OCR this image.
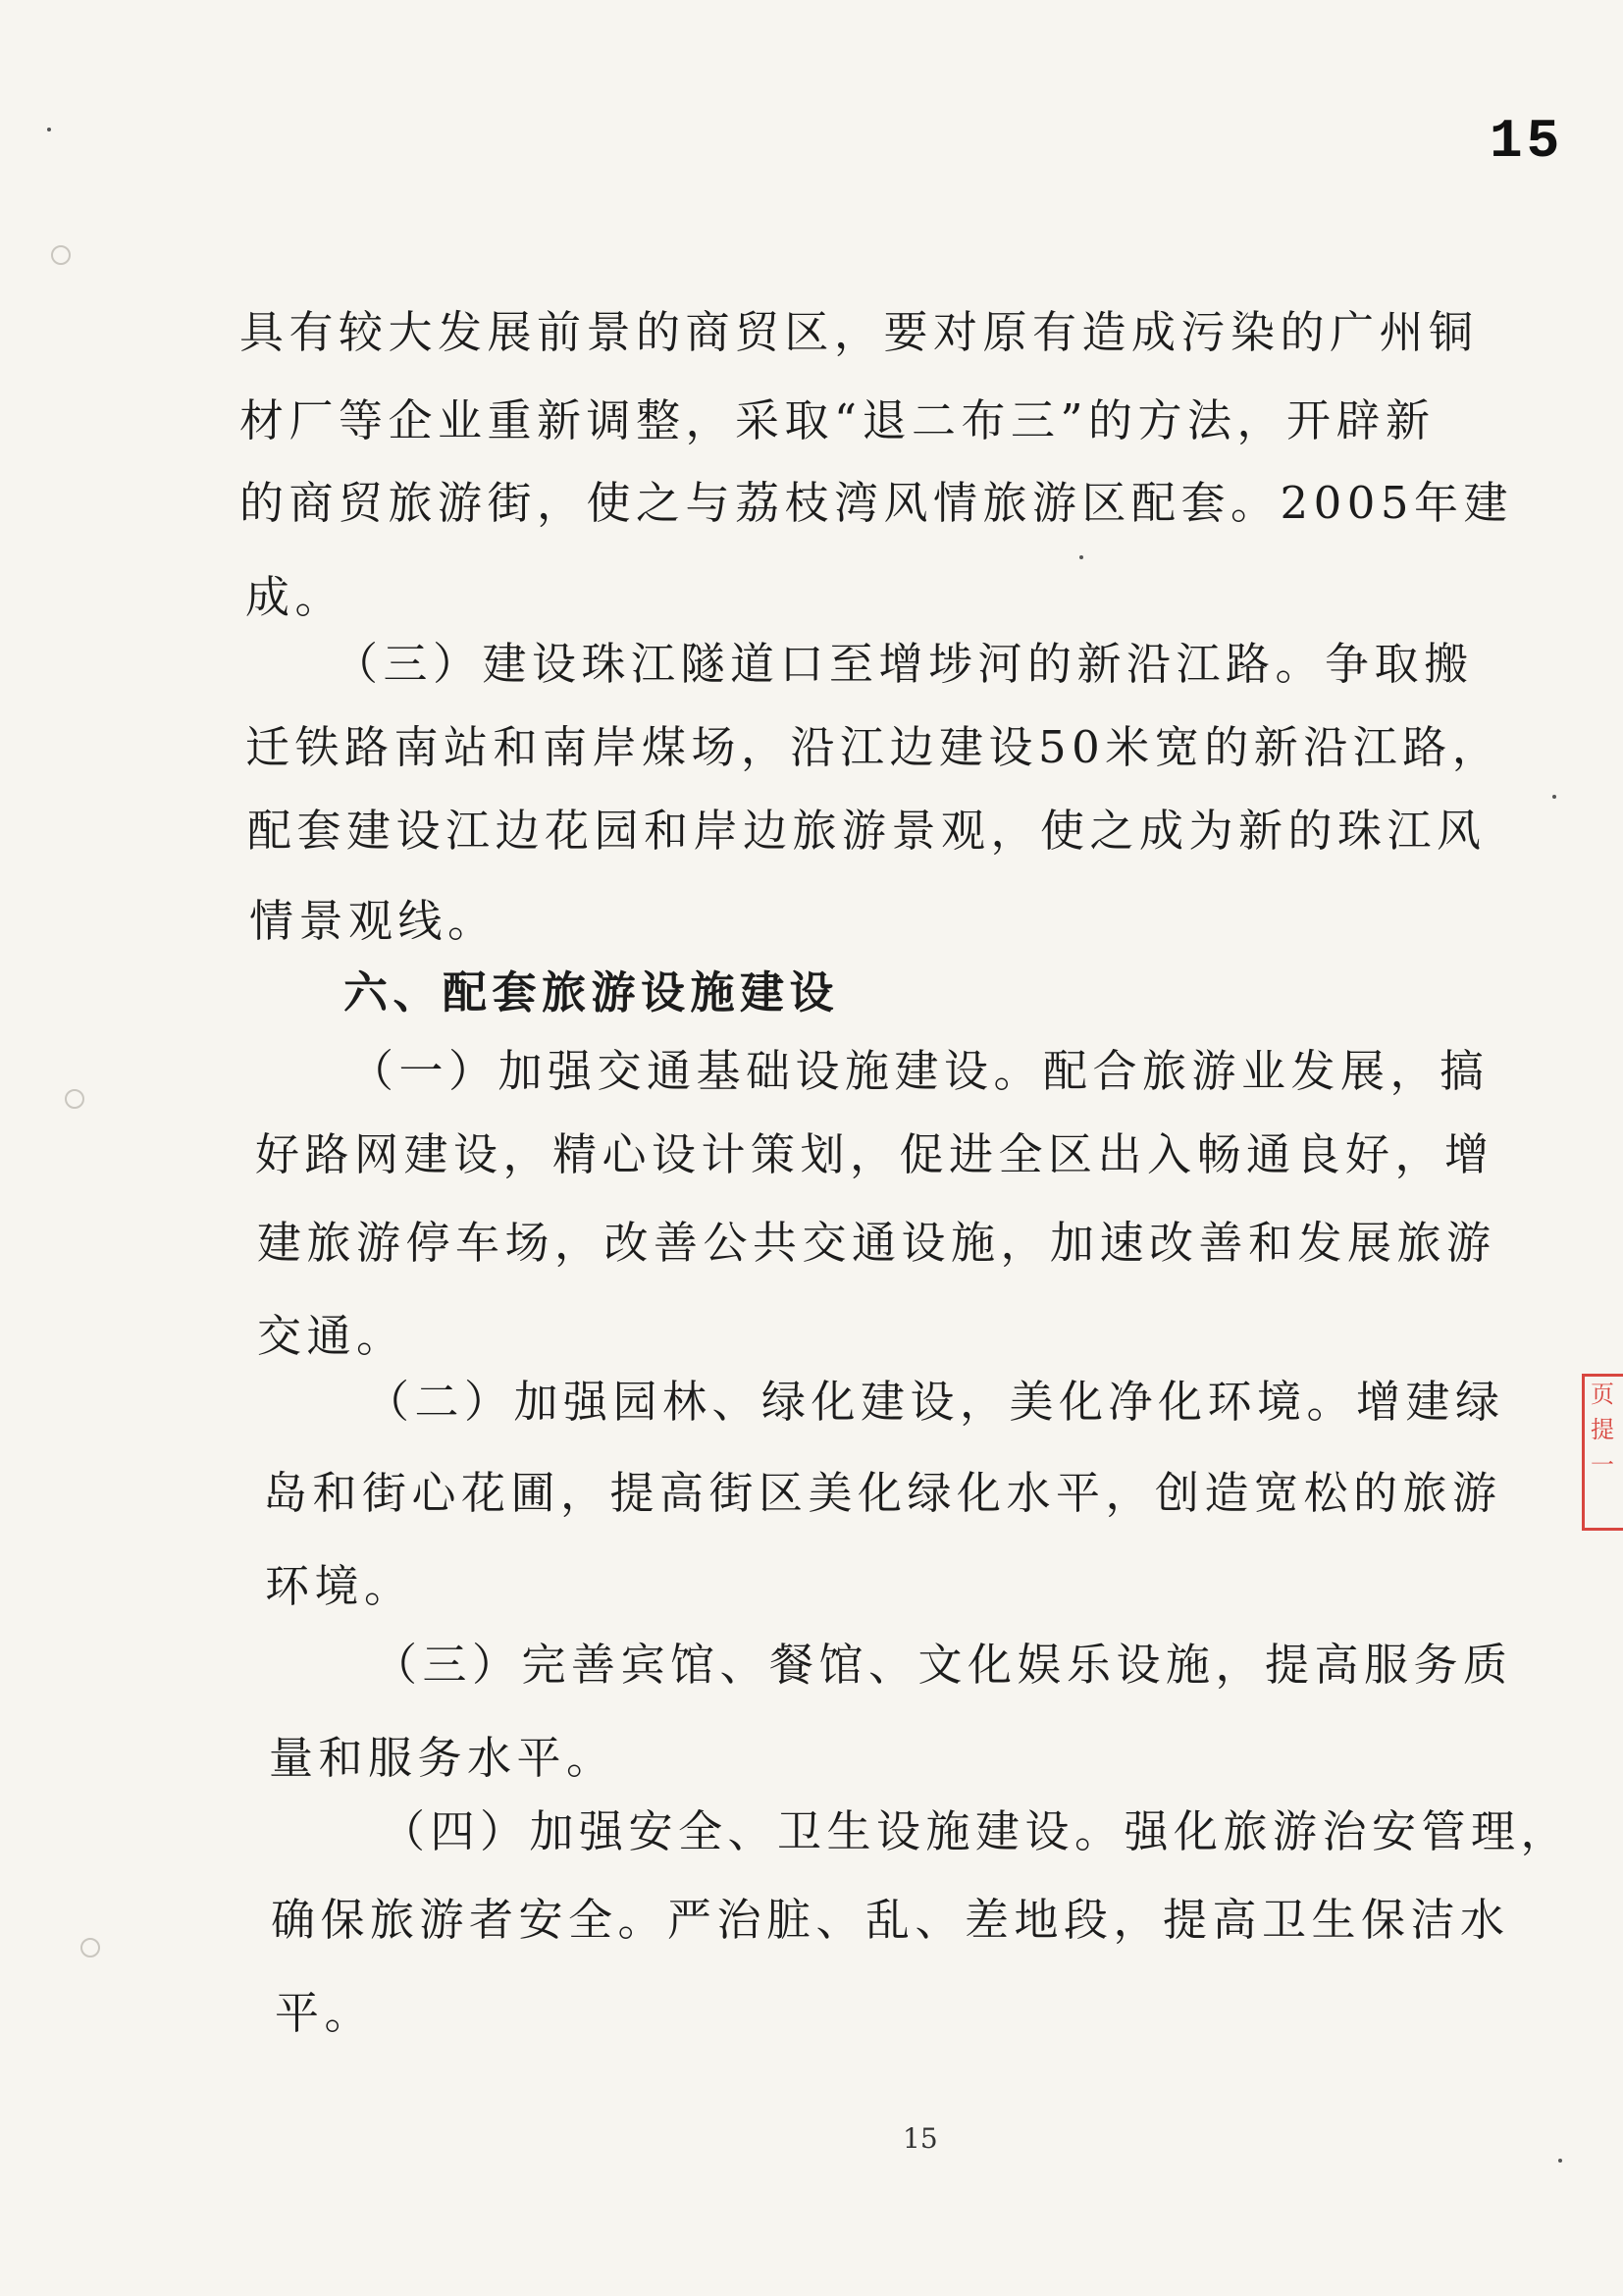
15
具有较大发展前景的商贸区，要对原有造成污染的广州铜
材厂等企业重新调整，采取“退二布三”的方法，开辟新
的商贸旅游街，使之与荔枝湾风情旅游区配套。2005年建
成。
（三）建设珠江隧道口至增埗河的新沿江路。争取搬
迁铁路南站和南岸煤场，沿江边建设50米宽的新沿江路，
配套建设江边花园和岸边旅游景观，使之成为新的珠江风
情景观线。
六、配套旅游设施建设
（一）加强交通基础设施建设。配合旅游业发展，搞
好路网建设，精心设计策划，促进全区出入畅通良好，增
建旅游停车场，改善公共交通设施，加速改善和发展旅游
交通。
（二）加强园林、绿化建设，美化净化环境。增建绿
岛和街心花圃，提高街区美化绿化水平，创造宽松的旅游
环境。
（三）完善宾馆、餐馆、文化娱乐设施，提高服务质
量和服务水平。
（四）加强安全、卫生设施建设。强化旅游治安管理，
确保旅游者安全。严治脏、乱、差地段，提高卫生保洁水
平。
15
页提一
